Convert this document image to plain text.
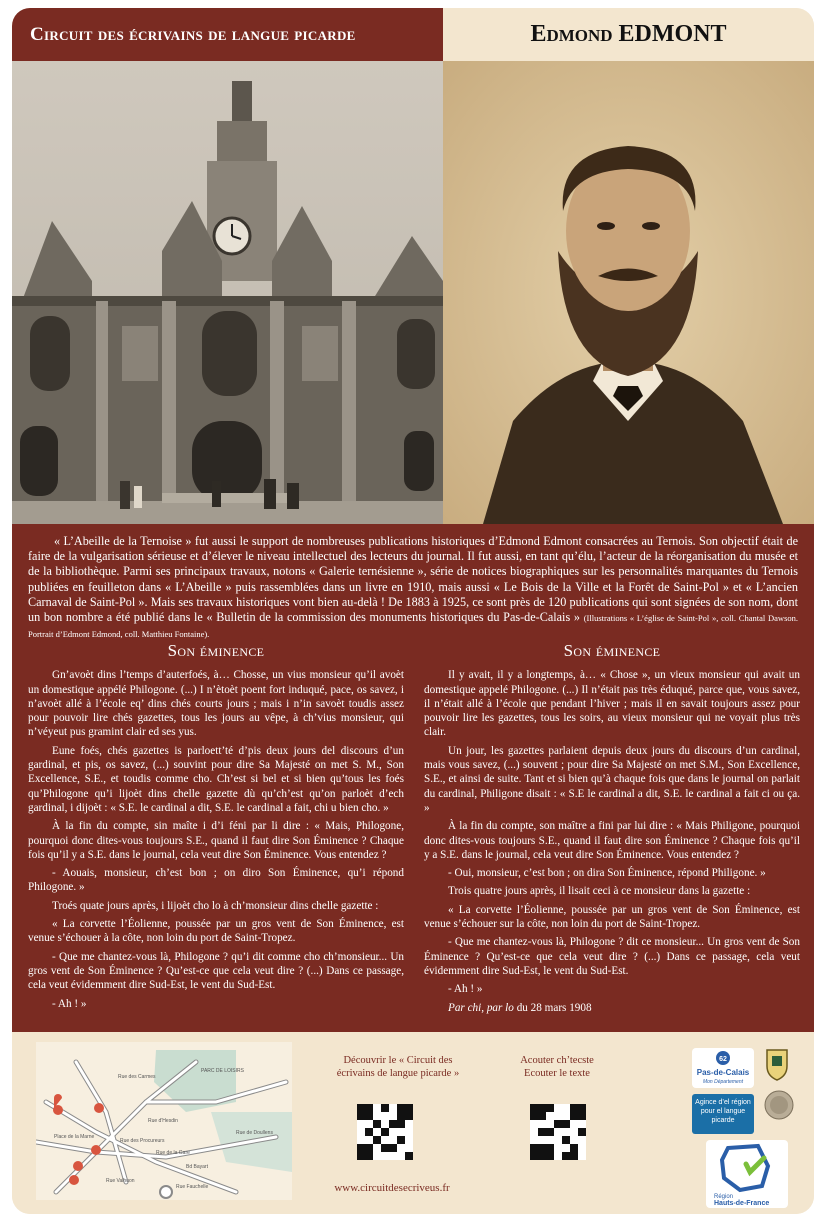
Circuit des écrivains de langue picarde	Edmond EDMONT
« L’Abeille de la Ternoise » fut aussi le support de nombreuses publications historiques d’Edmond Edmont consacrées au Ternois. Son objectif était de faire de la vulgarisation sérieuse et d’élever le niveau intellectuel des lecteurs du journal. Il fut aussi, en tant qu’élu, l’acteur de la réorganisation du musée et de la bibliothèque. Parmi ses principaux travaux, notons « Galerie ternésienne », série de notices biographiques sur les personnalités marquantes du Ternois publiées en feuilleton dans « L’Abeille » puis rassemblées dans un livre en 1910, mais aussi « Le Bois de la Ville et la Forêt de Saint-Pol » et « L’ancien Carnaval de Saint-Pol ». Mais ses travaux historiques vont bien au-delà ! De 1883 à 1925, ce sont près de 120 publications qui sont signées de son nom, dont un bon nombre a été publié dans le « Bulletin de la commission des monuments historiques du Pas-de-Calais » (Illustrations « L’église de Saint-Pol », coll. Chantal Dawson. Portrait d’Edmont Edmond, coll. Matthieu Fontaine).
Son éminence

Gn’avoèt dins l’temps d’auterfoés, à… Chosse, un vius monsieur qu’il avoèt un domestique appélé Philogone. (...) I n’ètoèt poent fort induqué, pace, os savez, i n’avoèt allé à l’école eq’ dins chés courts jours ; mais i n’in savoèt toudis assez pour pouvoir lire chés gazettes, tous les jours au vêpe, à ch’vius monsieur, qui n’véyeut pus gramint clair ed ses yus.

Eune foés, chés gazettes is parloett’té d’pis deux jours del discours d’un gardinal, et pis, os savez, (...) souvint pour dire Sa Majesté on met S. M., Son Excellence, S.E., et toudis comme cho. Ch’est si bel et si bien qu’tous les foés qu’Philogone qu’i lijoèt dins chelle gazette dù qu’ch’est qu’on parloèt d’ech gardinal, i dijoèt : « S.E. le cardinal a dit, S.E. le cardinal a fait, chi u bien cho. »

À la fin du compte, sin maîte i d’i féni par li dire : « Mais, Philogone, pourquoi donc dites-vous toujours S.E., quand il faut dire Son Éminence ? Chaque fois qu’il y a S.E. dans le journal, cela veut dire Son Éminence. Vous entendez ?

- Aouais, monsieur, ch’est bon ; on diro Son Éminence, qu’i répond Philogone. »

Troés quate jours après, i lijoèt cho lo à ch’monsieur dins chelle gazette :

« La corvette l’Éolienne, poussée par un gros vent de Son Éminence, est venue s’échouer à la côte, non loin du port de Saint-Tropez.

- Que me chantez-vous là, Philogone ? qu’i dit comme cho ch’monsieur... Un gros vent de Son Éminence ? Qu’est-ce que cela veut dire ? (...) Dans ce passage, cela veut évidemment dire Sud-Est, le vent du Sud-Est.

- Ah ! »

Son éminence

Il y avait, il y a longtemps, à… « Chose », un vieux monsieur qui avait un domestique appelé Philogone. (...) Il n’était pas très éduqué, parce que, vous savez, il n’était allé à l’école que pendant l’hiver ; mais il en savait toujours assez pour pouvoir lire les gazettes, tous les soirs, au vieux monsieur qui ne voyait plus très clair.

Un jour, les gazettes parlaient depuis deux jours du discours d’un cardinal, mais vous savez, (...) souvent ; pour dire Sa Majesté on met S.M., Son Excellence, S.E., et ainsi de suite. Tant et si bien qu’à chaque fois que dans le journal on parlait du cardinal, Philigone disait : « S.E le cardinal a dit, S.E. le cardinal a fait ci ou ça. »

À la fin du compte, son maître a fini par lui dire : « Mais Philigone, pourquoi donc dites-vous toujours S.E., quand il faut dire son Éminence ? Chaque fois qu’il y a S.E. dans le journal, cela veut dire Son Éminence. Vous entendez ?

- Oui, monsieur, c’est bon ; on dira Son Éminence, répond Philigone. »

Trois quatre jours après, il lisait ceci à ce monsieur dans la gazette :

« La corvette l’Éolienne, poussée par un gros vent de Son Éminence, est venue s’échouer sur la côte, non loin du port de Saint-Tropez.

- Que me chantez-vous là, Philogone ? dit ce monsieur... Un gros vent de Son Éminence ? Qu’est-ce que cela veut dire ? (...) Dans ce passage, cela veut évidemment dire Sud-Est, le vent du Sud-Est.

- Ah ! »

Par chi, par lo du 28 mars 1908

PARC DE LOISIRS
Rue des Carmes
Rue d'Hesdin
Rue de la Gare
Rue des Procureurs
Bd Bayart
Rue de Doullens
Rue Valhuon
Rue Fauchelle
Place de la Marne
Découvrir le « Circuit des écrivains de langue picarde »
Acouter ch’tecste
Ecouter le texte
www.circuitdesecriveus.fr
62
Pas-de-Calais
Mon Département
Agince d’el région pour el langue picarde
Région
Hauts-de-France
